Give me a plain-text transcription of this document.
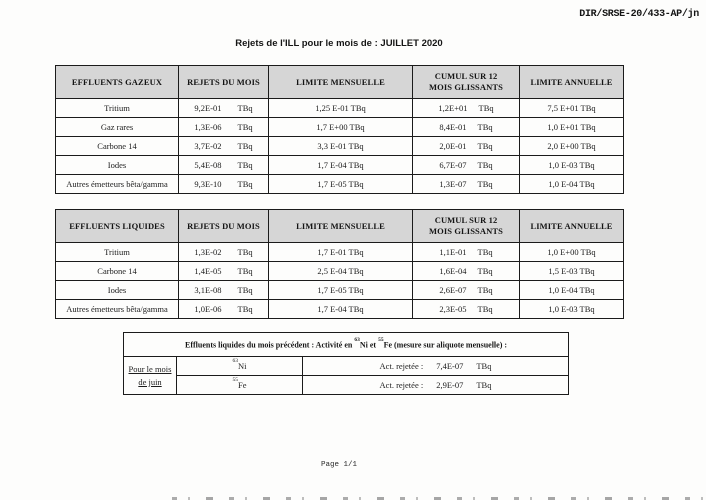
DIR/SRSE-20/433-AP/jn
Rejets de l'ILL pour le mois de : JUILLET 2020
EFFLUENTS GAZEUX	REJETS DU MOIS	LIMITE MENSUELLE	CUMUL SUR 12
MOIS GLISSANTS	LIMITE ANNUELLE
Tritium	9,2E-01 TBq	1,25 E-01 TBq	1,2E+01 TBq	7,5 E+01 TBq
Gaz rares	1,3E-06 TBq	1,7 E+00 TBq	8,4E-01 TBq	1,0 E+01 TBq
Carbone 14	3,7E-02 TBq	3,3 E-01 TBq	2,0E-01 TBq	2,0 E+00 TBq
Iodes	5,4E-08 TBq	1,7 E-04 TBq	6,7E-07 TBq	1,0 E-03 TBq
Autres émetteurs bêta/gamma	9,3E-10 TBq	1,7 E-05 TBq	1,3E-07 TBq	1,0 E-04 TBq
EFFLUENTS LIQUIDES	REJETS DU MOIS	LIMITE MENSUELLE	CUMUL SUR 12
MOIS GLISSANTS	LIMITE ANNUELLE
Tritium	1,3E-02 TBq	1,7 E-01 TBq	1,1E-01 TBq	1,0 E+00 TBq
Carbone 14	1,4E-05 TBq	2,5 E-04 TBq	1,6E-04 TBq	1,5 E-03 TBq
Iodes	3,1E-08 TBq	1,7 E-05 TBq	2,6E-07 TBq	1,0 E-04 TBq
Autres émetteurs bêta/gamma	1,0E-06 TBq	1,7 E-04 TBq	2,3E-05 TBq	1,0 E-03 TBq
Effluents liquides du mois précédent : Activité en $^{63}$Ni et $^{55}$Fe (mesure sur aliquote mensuelle) :		

Pour le mois
de juin
	$^{63}$Ni	Act. rejetée : 7,4E-07 TBq

	$^{55}$Fe	Act. rejetée : 2,9E-07 TBq
Page 1/1
